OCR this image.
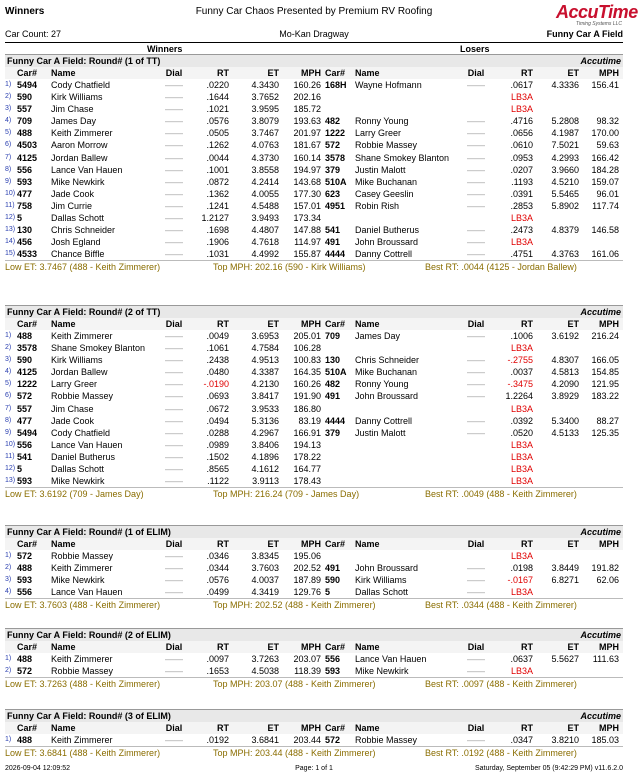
Winners	Funny Car Chaos Presented by Premium RV Roofing	AccuTime
Timing Systems LLC
Car Count: 27	Mo-Kan Dragway	Funny Car A Field
Winners	Losers
Funny Car A Field: Round# (1 of TT)	Accutime
Car# Name	Dial	RT	ET	MPH Car# Name	Dial	RT	ET	MPH
1) 5494 Cody Chatfield	——	.0220	4.3430	160.26 168H Wayne Hofmann	——	.0617	4.3336	156.41
2) 590 Kirk Williams	——	.1644	3.7652	202.16	LB3A
3) 557 Jim Chase	——	.1021	3.9595	185.72	LB3A
4) 709 James Day	——	.0576	3.8079	193.63 482 Ronny Young	——	.4716	5.2808	98.32
5) 488 Keith Zimmerer	——	.0505	3.7467	201.97 1222 Larry Greer	——	.0656	4.1987	170.00
6) 4503 Aaron Morrow	——	.1262	4.0763	181.67 572 Robbie Massey	——	.0610	7.5021	59.63
7) 4125 Jordan Ballew	——	.0044	4.3730	160.14 3578 Shane Smokey Blanton	——	.0953	4.2993	166.42
8) 556 Lance Van Hauen	——	.1001	3.8558	194.97 379 Justin Malott	——	.0207	3.9660	184.28
9) 593 Mike Newkirk	——	.0872	4.2414	143.68 510A Mike Buchanan	——	.1193	4.5210	159.07
10) 477 Jade Cook	——	.1362	4.0055	177.30 623 Casey Geeslin	——	.0391	5.5465	96.01
11) 758 Jim Currie	——	.1241	4.5488	157.01 4951 Robin Rish	——	.2853	5.8902	117.74
12) 5	Dallas Schott	——	1.2127	3.9493	173.34	LB3A
13) 130 Chris Schneider	——	.1698	4.4807	147.88 541 Daniel Butherus	——	.2473	4.8379	146.58
14) 456 Josh Egland	——	.1906	4.7618	114.97 491 John Broussard	——	LB3A
15) 4533 Chance Biffle	——	.1031	4.4992	155.87 4444 Danny Cottrell	——	.4751	4.3763	161.06
Low ET: 3.7467 (488 - Keith Zimmerer)	Top MPH: 202.16 (590 - Kirk Williams)	Best RT: .0044 (4125 - Jordan Ballew)
Funny Car A Field: Round# (2 of TT)	Accutime
Car# Name	Dial	RT	ET	MPH Car# Name	Dial	RT	ET	MPH
1) 488 Keith Zimmerer	——	.0049	3.6953	205.01 709 James Day	——	.1006	3.6192	216.24
2) 3578 Shane Smokey Blanton	——	.1061	4.7584	106.28	LB3A
3) 590 Kirk Williams	——	.2438	4.9513	100.83 130 Chris Schneider	——	-.2755	4.8307	166.05
4) 4125 Jordan Ballew	——	.0480	4.3387	164.35 510A Mike Buchanan	——	.0037	4.5813	154.85
5) 1222 Larry Greer	——	-.0190	4.2130	160.26 482 Ronny Young	——	-.3475	4.2090	121.95
6) 572 Robbie Massey	——	.0693	3.8417	191.90 491 John Broussard	——	1.2264	3.8929	183.22
7) 557 Jim Chase	——	.0672	3.9533	186.80	LB3A
8) 477 Jade Cook	——	.0494	5.3136	83.19 4444 Danny Cottrell	——	.0392	5.3400	88.27
9) 5494 Cody Chatfield	——	.0288	4.2967	166.91 379 Justin Malott	——	.0520	4.5133	125.35
10) 556 Lance Van Hauen	——	.0989	3.8406	194.13	LB3A
11) 541 Daniel Butherus	——	.1502	4.1896	178.22	LB3A
12) 5	Dallas Schott	——	.8565	4.1612	164.77	LB3A
13) 593 Mike Newkirk	——	.1122	3.9113	178.43	LB3A
Low ET: 3.6192 (709 - James Day)	Top MPH: 216.24 (709 - James Day)	Best RT: .0049 (488 - Keith Zimmerer)
Funny Car A Field: Round# (1 of ELIM)	Accutime
Car# Name	Dial	RT	ET	MPH Car# Name	Dial	RT	ET	MPH
1) 572 Robbie Massey	——	.0346	3.8345	195.06	LB3A
2) 488 Keith Zimmerer	——	.0344	3.7603	202.52 491 John Broussard	——	.0198	3.8449	191.82
3) 593 Mike Newkirk	——	.0576	4.0037	187.89 590 Kirk Williams	——	-.0167	6.8271	62.06
4) 556 Lance Van Hauen	——	.0499	4.3419	129.76 5	Dallas Schott	——	LB3A
Low ET: 3.7603 (488 - Keith Zimmerer)	Top MPH: 202.52 (488 - Keith Zimmerer)	Best RT: .0344 (488 - Keith Zimmerer)
Funny Car A Field: Round# (2 of ELIM)	Accutime
Car# Name	Dial	RT	ET	MPH Car# Name	Dial	RT	ET	MPH
1) 488 Keith Zimmerer	——	.0097	3.7263	203.07 556 Lance Van Hauen	——	.0637	5.5627	111.63
2) 572 Robbie Massey	——	.1653	4.5038	118.39 593 Mike Newkirk	——	LB3A
Low ET: 3.7263 (488 - Keith Zimmerer)	Top MPH: 203.07 (488 - Keith Zimmerer)	Best RT: .0097 (488 - Keith Zimmerer)
Funny Car A Field: Round# (3 of ELIM)	Accutime
Car# Name	Dial	RT	ET	MPH Car# Name	Dial	RT	ET	MPH
1) 488 Keith Zimmerer	——	.0192	3.6841	203.44 572 Robbie Massey	——	.0347	3.8210	185.03
Low ET: 3.6841 (488 - Keith Zimmerer)	Top MPH: 203.44 (488 - Keith Zimmerer)	Best RT: .0192 (488 - Keith Zimmerer)
2026-09-04 12:09:52	Page: 1 of 1	Saturday, September 05 (9:42:29 PM) v11.6.2.0
